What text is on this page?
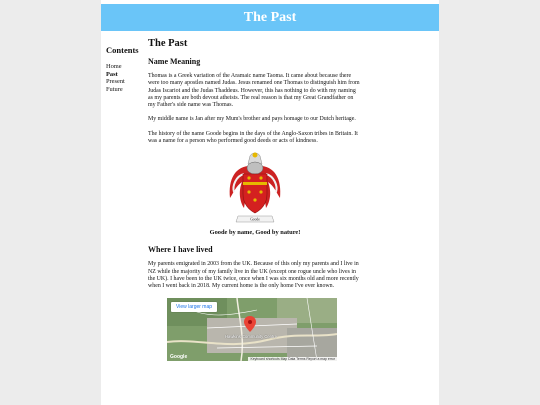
The Past
Contents
Home
Past
Present
Future
The Past
Name Meaning

Thomas is a Greek variation of the Aramaic name Taoma. It came about because there were too many apostles named Judas. Jesus renamed one Thomas to distinguish him from Judas Iscariot and the Judas Thaddeus. However, this has nothing to do with my naming as my parents are both devout atheists. The real reason is that my Great Grandfather on my Father's side name was Thomas.

My middle name is Jan after my Mum's brother and pays homage to our Dutch heritage.

The history of the name Goode begins in the days of the Anglo-Saxon tribes in Britain. It was a name for a person who performed good deeds or acts of kindness.

Goode
Goode by name, Good by nature!
Where I have lived

My parents emigrated in 2003 from the UK. Because of this only my parents and I live in NZ while the majority of my family live in the UK (except one rogue uncle who lives in the UK). I have been to the UK twice, once when I was six months old and more recently when I went back in 2018. My current home is the only home I've ever known.

View larger map
Hawkins Community Centre
Google	Keyboard shortcuts Map Data Terms Report a map error
